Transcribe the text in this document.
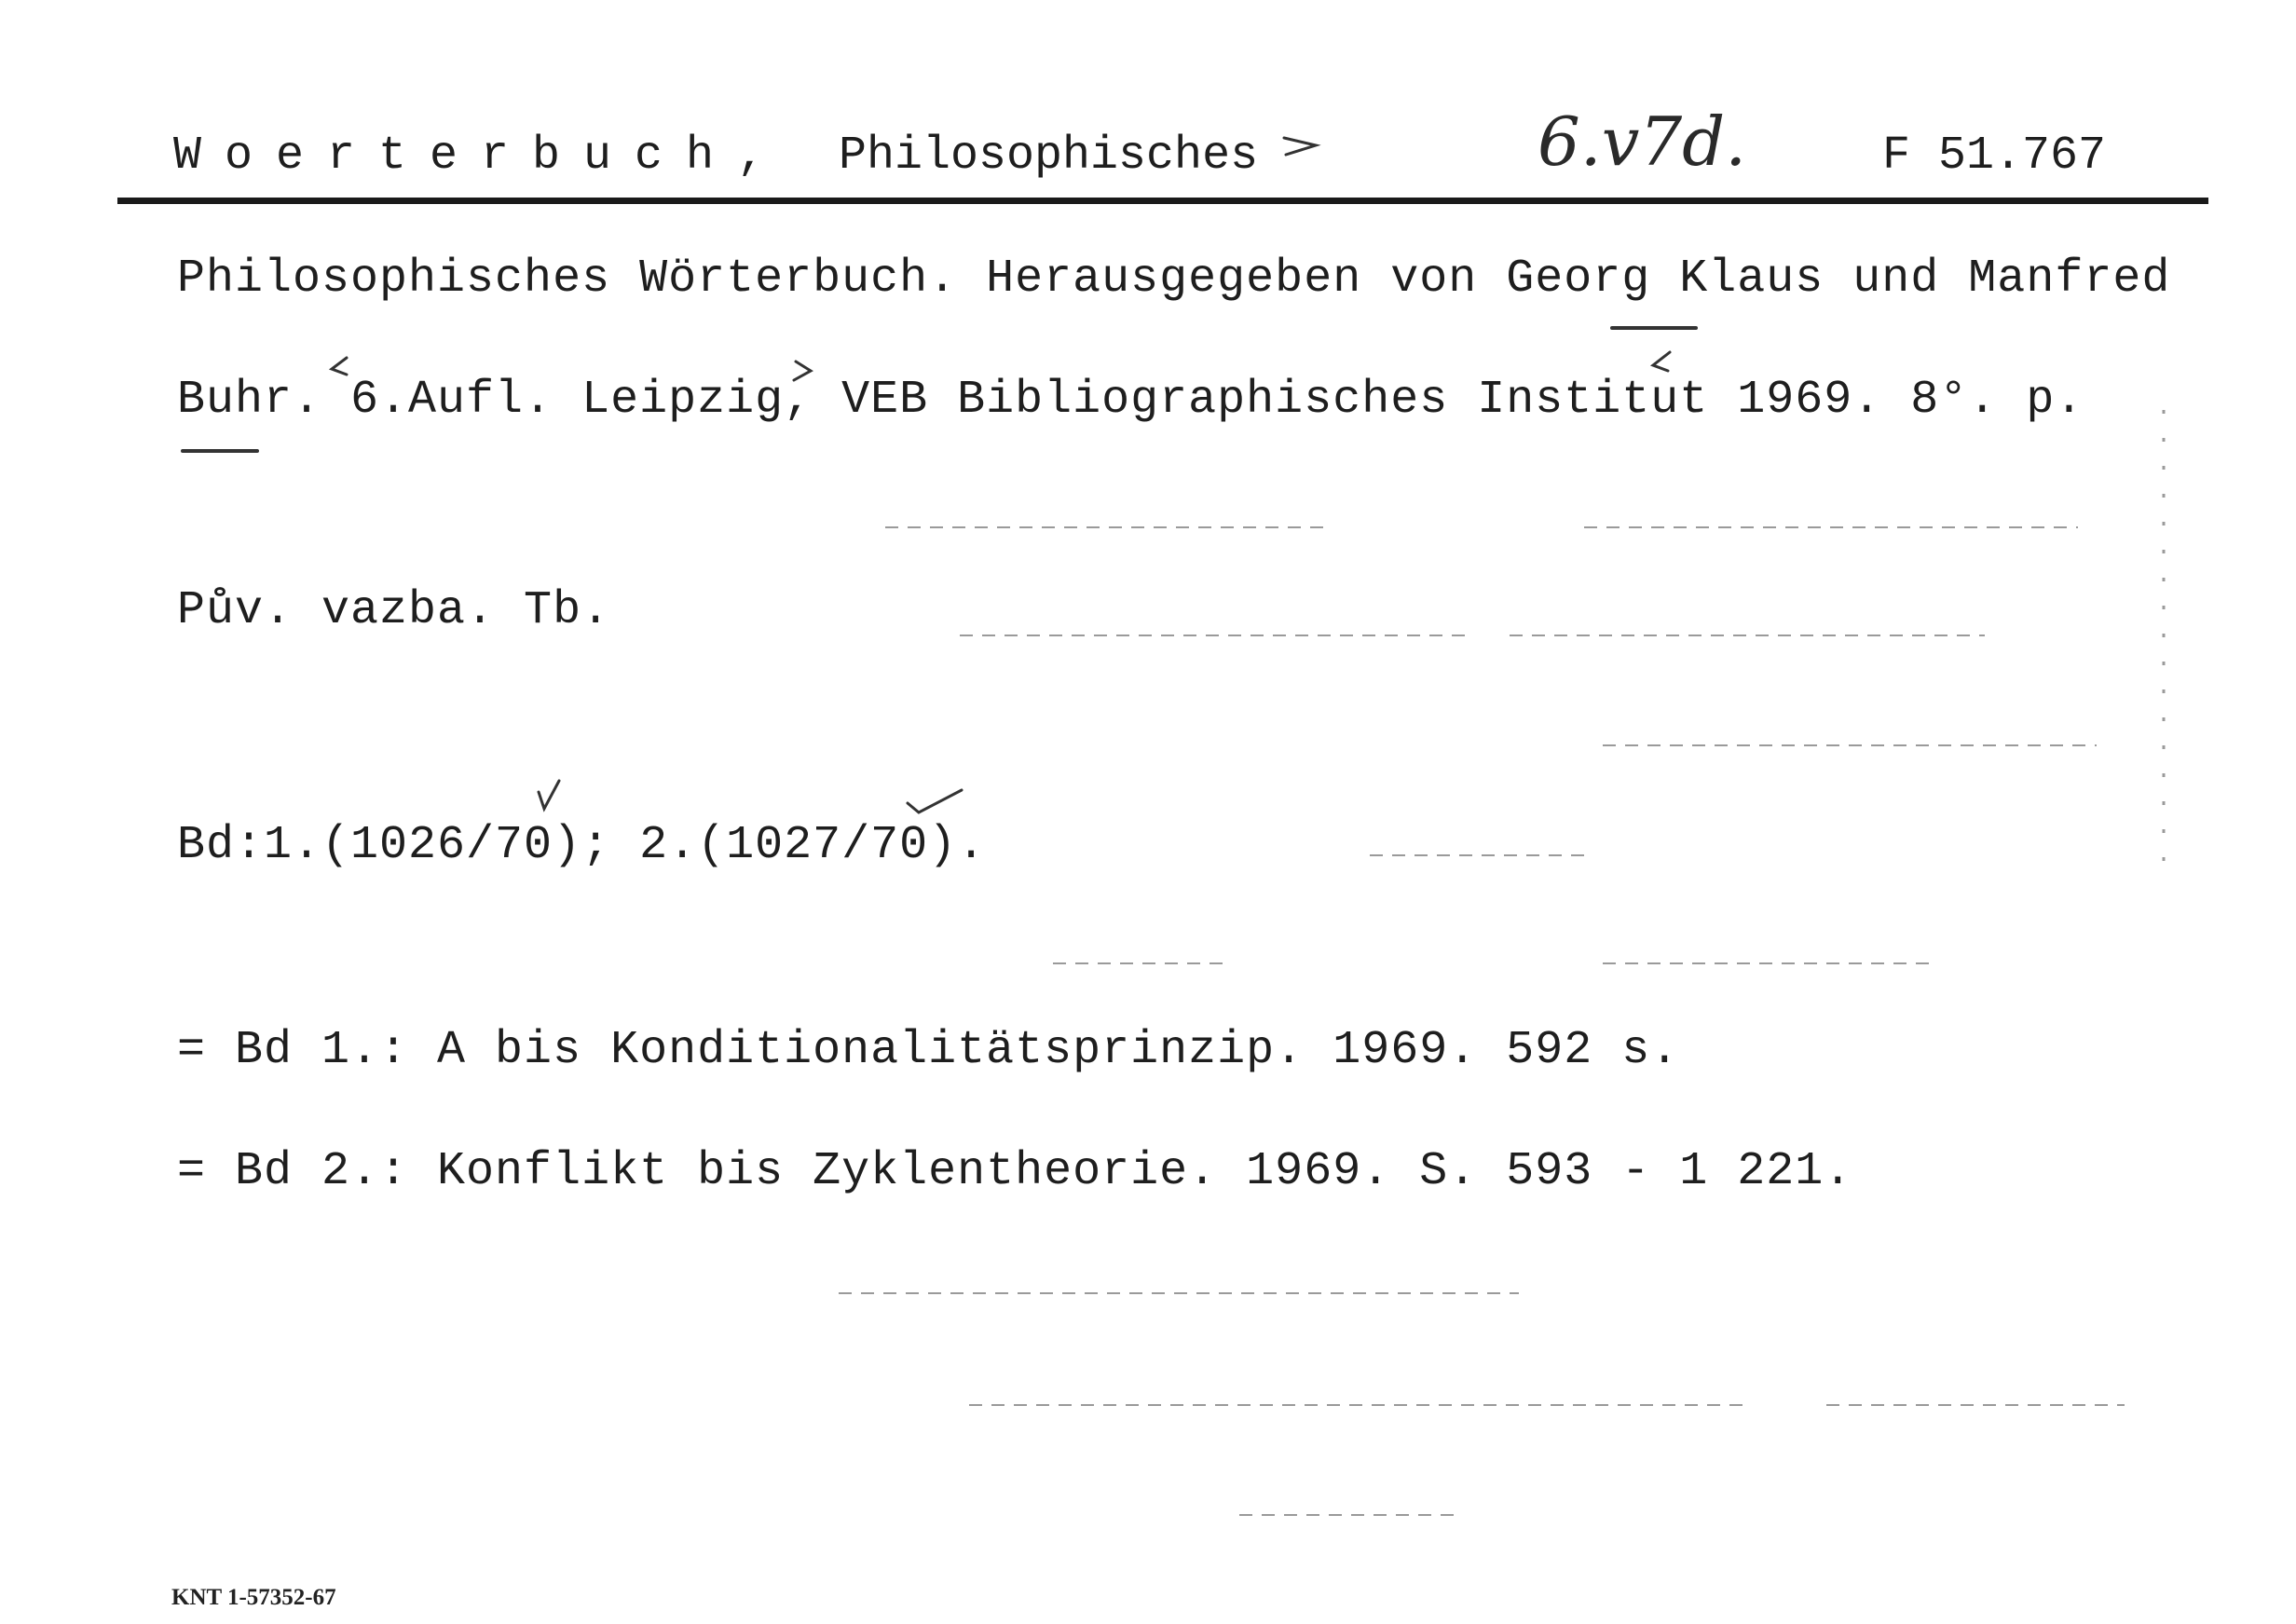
Woerterbuch, Philosophisches	6.v7d.	F 51.767
Philosophisches Wörterbuch. Herausgegeben von Georg Klaus und Manfred
Buhr. 6.Aufl. Leipzig, VEB Bibliographisches Institut 1969. 8°. p.
Pův. vazba. Tb.
Bd:1.(1026/70); 2.(1027/70).
= Bd 1.: A bis Konditionalitätsprinzip. 1969. 592 s.
= Bd 2.: Konflikt bis Zyklentheorie. 1969. S. 593 - 1 221.
KNT 1-57352-67
